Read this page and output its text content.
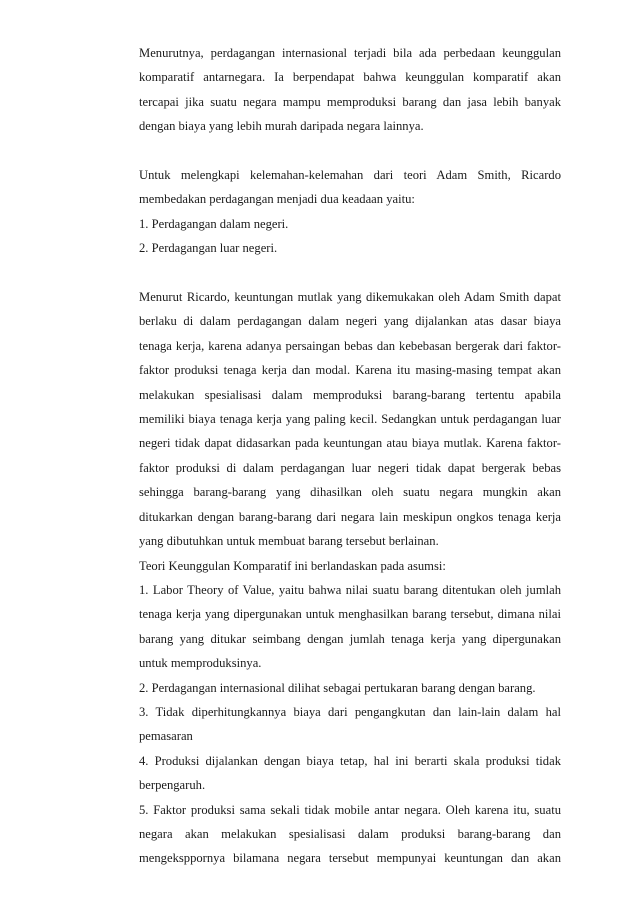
Menurutnya, perdagangan internasional terjadi bila ada perbedaan keunggulan komparatif antarnegara. Ia berpendapat bahwa keunggulan komparatif akan tercapai jika suatu negara mampu memproduksi barang dan jasa lebih banyak dengan biaya yang lebih murah daripada negara lainnya.

Untuk melengkapi kelemahan-kelemahan dari teori Adam Smith, Ricardo membedakan perdagangan menjadi dua keadaan yaitu:

1. Perdagangan dalam negeri.

2. Perdagangan luar negeri.

Menurut Ricardo, keuntungan mutlak yang dikemukakan oleh Adam Smith dapat berlaku di dalam perdagangan dalam negeri yang dijalankan atas dasar biaya tenaga kerja, karena adanya persaingan bebas dan kebebasan bergerak dari faktor-faktor produksi tenaga kerja dan modal. Karena itu masing-masing tempat akan melakukan spesialisasi dalam memproduksi barang-barang tertentu apabila memiliki biaya tenaga kerja yang paling kecil. Sedangkan untuk perdagangan luar negeri tidak dapat didasarkan pada keuntungan atau biaya mutlak. Karena faktor-faktor produksi di dalam perdagangan luar negeri tidak dapat bergerak bebas sehingga barang-barang yang dihasilkan oleh suatu negara mungkin akan ditukarkan dengan barang-barang dari negara lain meskipun ongkos tenaga kerja yang dibutuhkan untuk membuat barang tersebut berlainan.

Teori Keunggulan Komparatif ini berlandaskan pada asumsi:

1. Labor Theory of Value, yaitu bahwa nilai suatu barang ditentukan oleh jumlah tenaga kerja yang dipergunakan untuk menghasilkan barang tersebut, dimana nilai barang yang ditukar seimbang dengan jumlah tenaga kerja yang dipergunakan untuk memproduksinya.

2. Perdagangan internasional dilihat sebagai pertukaran barang dengan barang.

3. Tidak diperhitungkannya biaya dari pengangkutan dan lain-lain dalam hal pemasaran

4. Produksi dijalankan dengan biaya tetap, hal ini berarti skala produksi tidak berpengaruh.

5. Faktor produksi sama sekali tidak mobile antar negara. Oleh karena itu, suatu negara akan melakukan spesialisasi dalam produksi barang-barang dan mengeksppornya bilamana negara tersebut mempunyai keuntungan dan akan
